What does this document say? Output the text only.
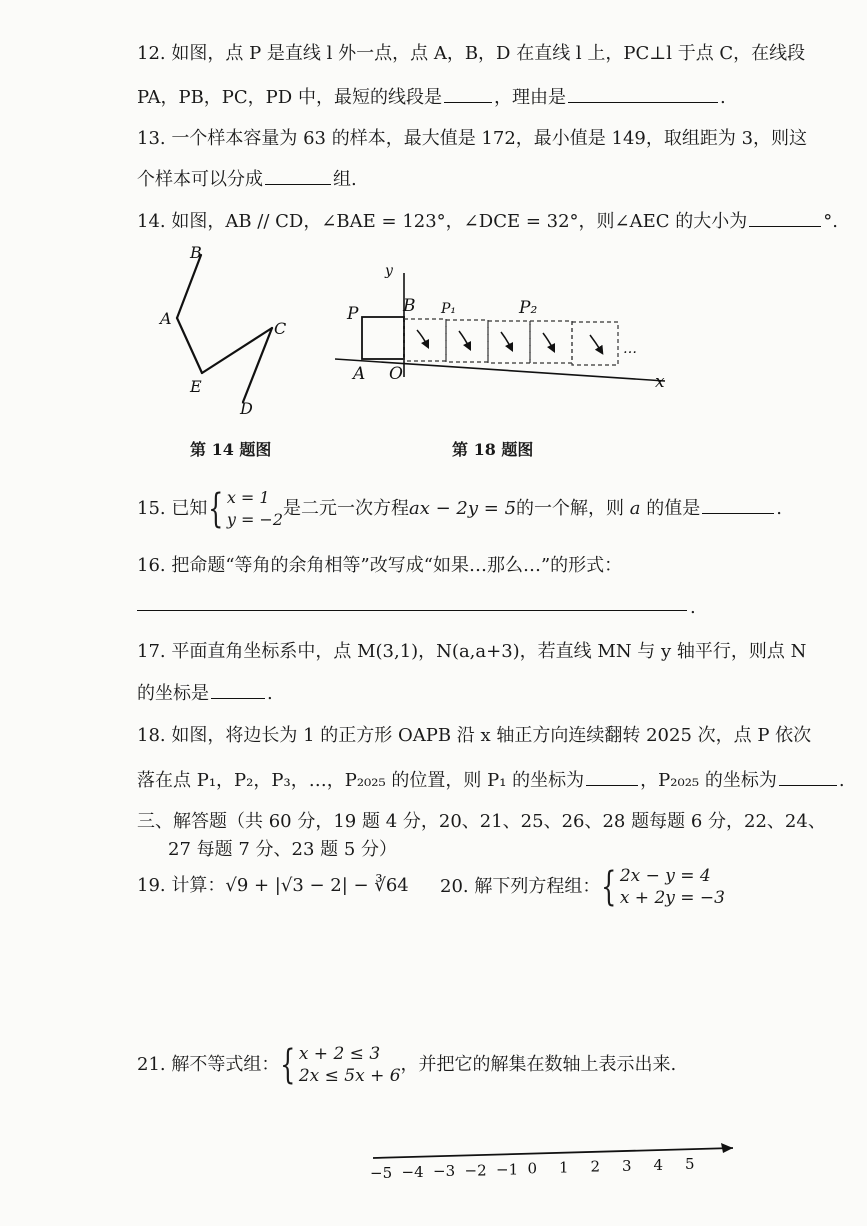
12. 如图，点 P 是直线 l 外一点，点 A，B，D 在直线 l 上，PC⊥l 于点 C，在线段
PA，PB，PC，PD 中，最短的线段是	，理由是	.
13. 一个样本容量为 63 的样本，最大值是 172，最小值是 149，取组距为 3，则这
个样本可以分成	组.
14. 如图，AB // CD，∠BAE = 123°，∠DCE = 32°，则∠AEC 的大小为	°.
B
A
E
C
D
第 14 题图
y
P	B P₁	P₂
A O	x
…
第 18 题图
15. 已知{ x = 1
y = −2是二元一次方程ax − 2y = 5的一个解，则 a 的值是	.
16. 把命题“等角的余角相等”改写成“如果…那么…”的形式：
.
17. 平面直角坐标系中，点 M(3,1)，N(a,a+3)，若直线 MN 与 y 轴平行，则点 N
的坐标是	.
18. 如图，将边长为 1 的正方形 OAPB 沿 x 轴正方向连续翻转 2025 次，点 P 依次
落在点 P₁，P₂，P₃，…，P₂₀₂₅ 的位置，则 P₁ 的坐标为	，P₂₀₂₅ 的坐标为	.
三、解答题（共 60 分，19 题 4 分，20、21、25、26、28 题每题 6 分，22、24、
27 每题 7 分、23 题 5 分）
19. 计算：√9 + |√3 − 2| − ∛64 20. 解下列方程组：{ 2x − y = 4
x + 2y = −3
21. 解不等式组：{ x + 2 ≤ 3
2x ≤ 5x + 6，并把它的解集在数轴上表示出来.
−5 −4 −3 −2 −1 0 1 2 3 4 5
